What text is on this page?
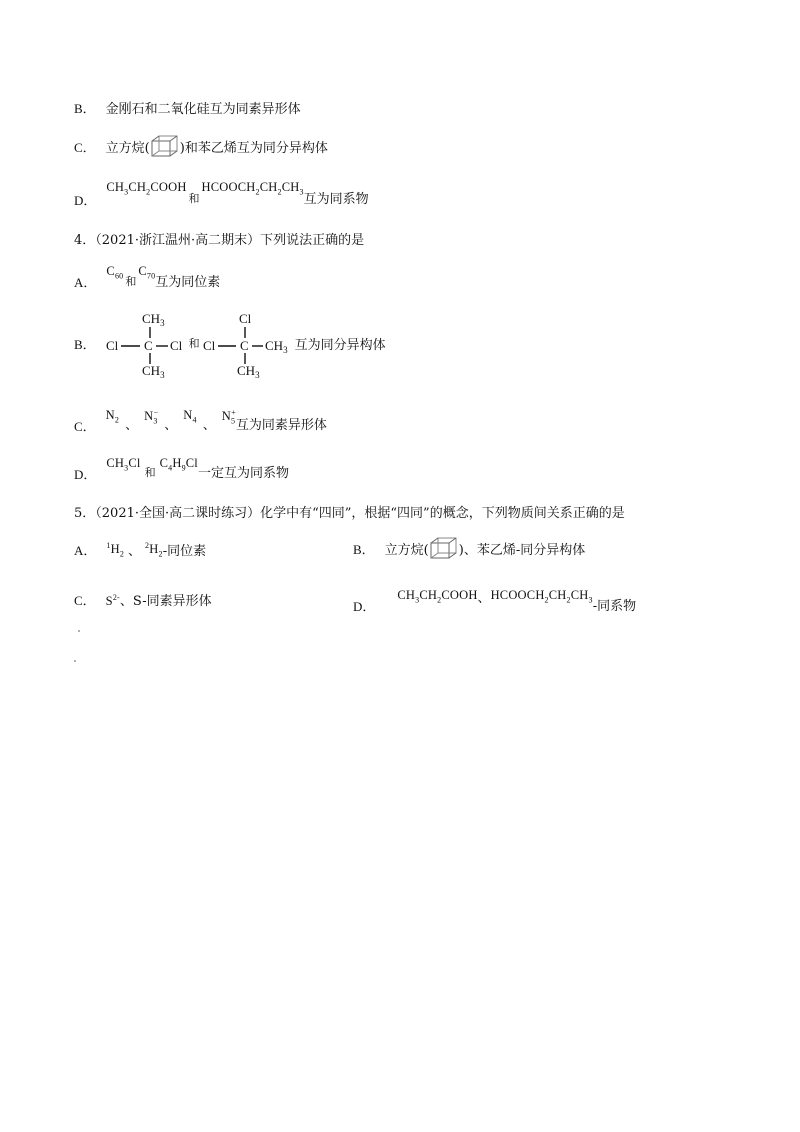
B． 金刚石和二氧化硅互为同素异形体
C． 立方烷( )和苯乙烯互为同分异构体
D．
$CH_3CH_2COOH$
和
$HCOOCH_2CH_2CH_3$ 互为同系物
4．（2021·浙江温州·高二期末）下列说法正确的是
A．
$C_{60}$ 和
$C_{70}$ 互为同位素
B．
$CH_3$
Cl C Cl
$CH_3$
和
Cl
Cl C $CH_3$
$CH_3$
互为同分异构体
C．
$N_2$ 、
$N_3^-$
、
$N_4$ 、
$N_5^+$
互为同素异形体
D．
$CH_3Cl$
和
$C_4H_9Cl$
一定互为同系物
5．（2021·全国·高二课时练习）化学中有“四同”，根据“四同”的概念，下列物质间关系正确的是
A． $^1H_2$ 、 $^2H_2$ -同位素	B． 立方烷( )、苯乙烯-同分异构体
C． $S^{2-}$、S-同素异形体	D．
$CH_3CH_2COOH$ 、 $HCOOCH_2CH_2CH_3$ -同系物
